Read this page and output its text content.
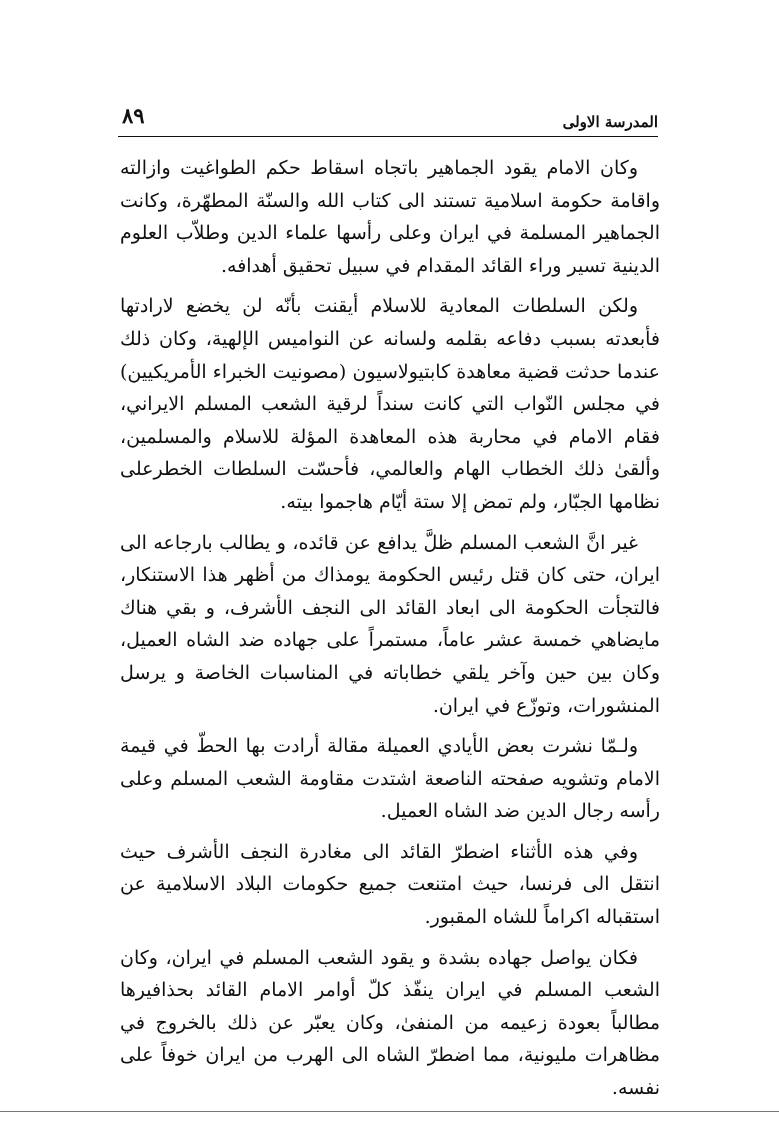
٨٩	المدرسة الاولى

وكان الامام يقود الجماهير باتجاه اسقاط حكم الطواغيت وازالته واقامة حكومة اسلامية تستند الى كتاب الله والسنّة المطهّرة، وكانت الجماهير المسلمة في ايران وعلى رأسها علماء الدين وطلاّب العلوم الدينية تسير وراء القائد المقدام في سبيل تحقيق أهدافه.

ولكن السلطات المعادية للاسلام أيقنت بأنّه لن يخضع لارادتها فأبعدته بسبب دفاعه بقلمه ولسانه عن النواميس الإلهية، وكان ذلك عندما حدثت قضية معاهدة كابتيولاسيون (مصونيت الخبراء الأمريكيين) في مجلس النّواب التي كانت سنداً لرقية الشعب المسلم الايراني، فقام الامام في محاربة هذه المعاهدة المؤلة للاسلام والمسلمين، وألقىٰ ذلك الخطاب الهام والعالمي، فأحسّت السلطات الخطرعلى نظامها الجبّار، ولم تمض إلا ستة أيّام هاجموا بيته.

غير انَّ الشعب المسلم ظلَّ يدافع عن قائده، و يطالب بارجاعه الى ايران، حتى كان قتل رئيس الحكومة يومذاك من أظهر هذا الاستنكار، فالتجأت الحكومة الى ابعاد القائد الى النجف الأشرف، و بقي هناك مايضاهي خمسة عشر عاماً، مستمراً على جهاده ضد الشاه العميل، وكان بين حين وآخر يلقي خطاباته في المناسبات الخاصة و يرسل المنشورات، وتوزّع في ايران.

ولـمّا نشرت بعض الأيادي العميلة مقالة أرادت بها الحطّ في قيمة الامام وتشويه صفحته الناصعة اشتدت مقاومة الشعب المسلم وعلى رأسه رجال الدين ضد الشاه العميل.

وفي هذه الأثناء اضطرّ القائد الى مغادرة النجف الأشرف حيث انتقل الى فرنسا، حيث امتنعت جميع حكومات البلاد الاسلامية عن استقباله اكراماً للشاه المقبور.

فكان يواصل جهاده بشدة و يقود الشعب المسلم في ايران، وكان الشعب المسلم في ايران ينفّذ كلّ أوامر الامام القائد بحذافيرها مطالباً بعودة زعيمه من المنفىٰ، وكان يعبّر عن ذلك بالخروج في مظاهرات مليونية، مما اضطرّ الشاه الى الهرب من ايران خوفاً على نفسه.
